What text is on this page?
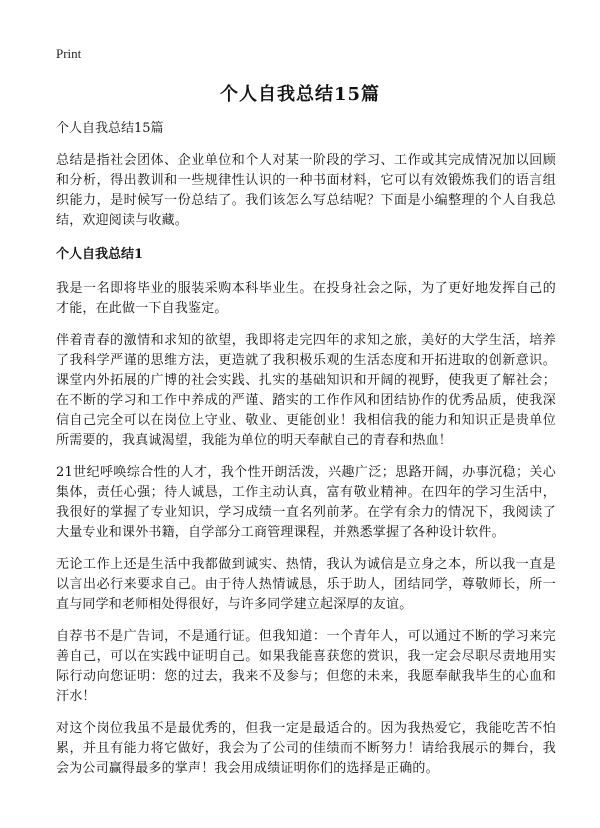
Print
个人自我总结15篇
个人自我总结15篇

总结是指社会团体、企业单位和个人对某一阶段的学习、工作或其完成情况加以回顾和分析，得出教训和一些规律性认识的一种书面材料，它可以有效锻炼我们的语言组织能力，是时候写一份总结了。我们该怎么写总结呢？下面是小编整理的个人自我总结，欢迎阅读与收藏。

个人自我总结1

我是一名即将毕业的服装采购本科毕业生。在投身社会之际，为了更好地发挥自己的才能，在此做一下自我鉴定。

伴着青春的激情和求知的欲望，我即将走完四年的求知之旅，美好的大学生活，培养了我科学严谨的思维方法，更造就了我积极乐观的生活态度和开拓进取的创新意识。课堂内外拓展的广博的社会实践、扎实的基础知识和开阔的视野，使我更了解社会；在不断的学习和工作中养成的严谨、踏实的工作作风和团结协作的优秀品质，使我深信自己完全可以在岗位上守业、敬业、更能创业！我相信我的能力和知识正是贵单位所需要的，我真诚渴望，我能为单位的明天奉献自己的青春和热血！

21世纪呼唤综合性的人才，我个性开朗活泼，兴趣广泛；思路开阔，办事沉稳；关心集体，责任心强；待人诚恳，工作主动认真，富有敬业精神。在四年的学习生活中，我很好的掌握了专业知识，学习成绩一直名列前茅。在学有余力的情况下，我阅读了大量专业和课外书籍，自学部分工商管理课程，并熟悉掌握了各种设计软件。

无论工作上还是生活中我都做到诚实、热情，我认为诚信是立身之本，所以我一直是以言出必行来要求自己。由于待人热情诚恳，乐于助人，团结同学，尊敬师长，所一直与同学和老师相处得很好，与许多同学建立起深厚的友谊。

自荐书不是广告词，不是通行证。但我知道：一个青年人，可以通过不断的学习来完善自己，可以在实践中证明自己。如果我能喜获您的赏识，我一定会尽职尽责地用实际行动向您证明：您的过去，我来不及参与；但您的未来，我愿奉献我毕生的心血和汗水！

对这个岗位我虽不是最优秀的，但我一定是最适合的。因为我热爱它，我能吃苦不怕累，并且有能力将它做好，我会为了公司的佳绩而不断努力！请给我展示的舞台，我会为公司赢得最多的掌声！我会用成绩证明你们的选择是正确的。
